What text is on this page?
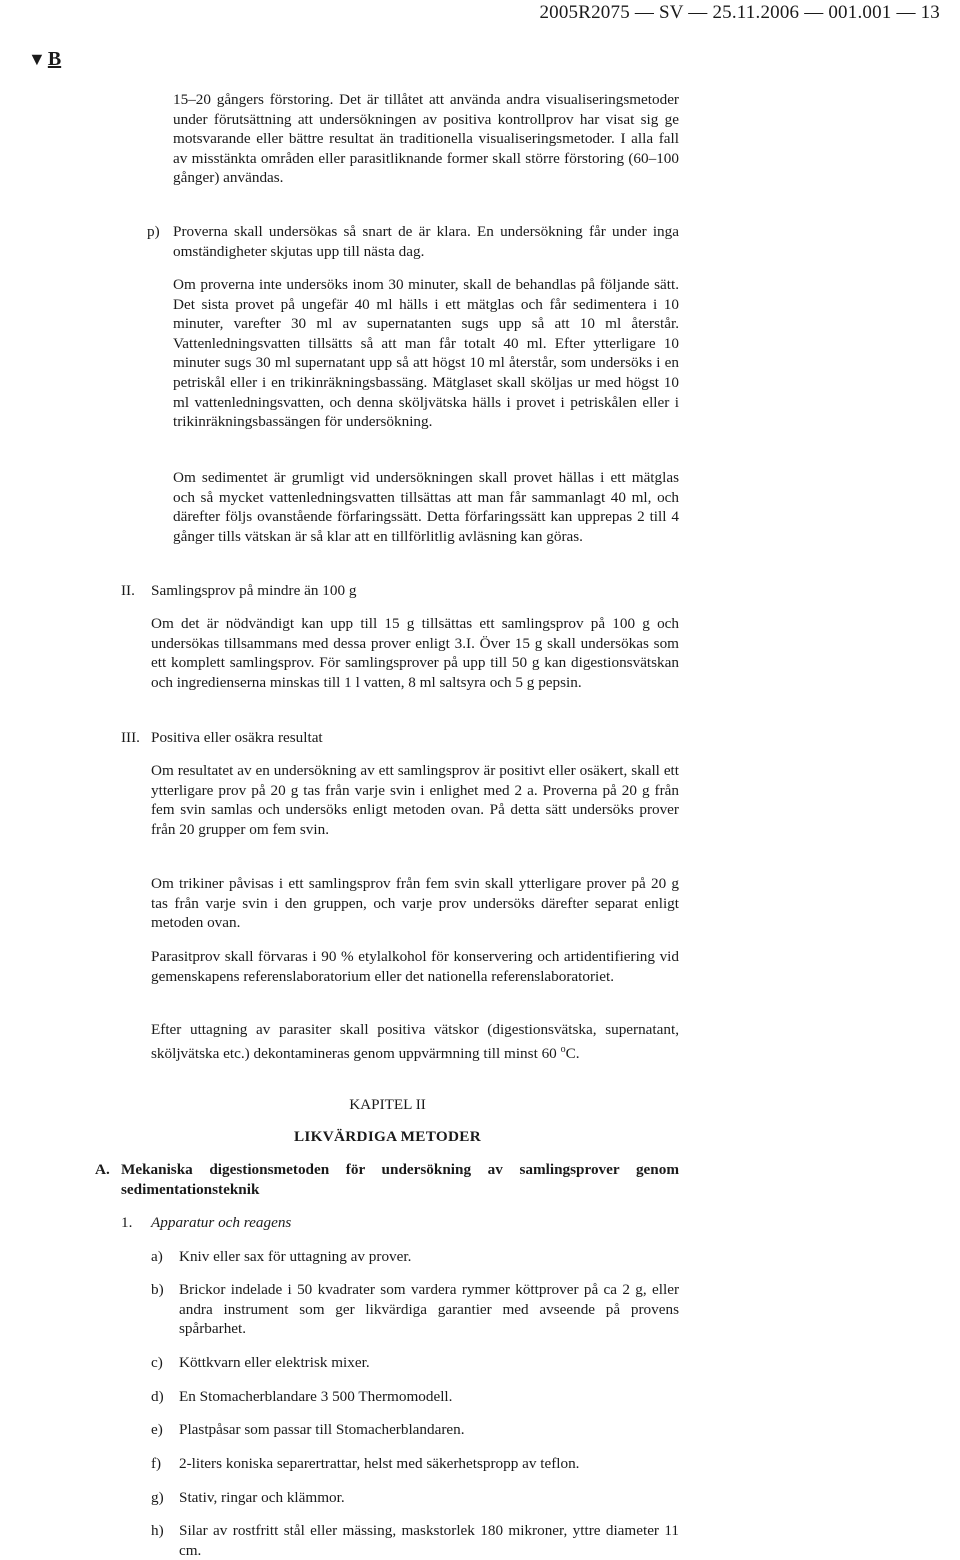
2005R2075 — SV — 25.11.2006 — 001.001 — 13
▼ B
15–20 gångers förstoring. Det är tillåtet att använda andra visualiseringsmetoder under förutsättning att undersökningen av positiva kontrollprov har visat sig ge motsvarande eller bättre resultat än traditionella visualiseringsmetoder. I alla fall av misstänkta områden eller parasitliknande former skall större förstoring (60–100 gånger) användas.
p) Proverna skall undersökas så snart de är klara. En undersökning får under inga omständigheter skjutas upp till nästa dag.
Om proverna inte undersöks inom 30 minuter, skall de behandlas på följande sätt. Det sista provet på ungefär 40 ml hälls i ett mätglas och får sedimentera i 10 minuter, varefter 30 ml av supernatanten sugs upp så att 10 ml återstår. Vattenledningsvatten tillsätts så att man får totalt 40 ml. Efter ytterligare 10 minuter sugs 30 ml supernatant upp så att högst 10 ml återstår, som undersöks i en petriskål eller i en trikinräkningsbassäng. Mätglaset skall sköljas ur med högst 10 ml vattenledningsvatten, och denna sköljvätska hälls i provet i petriskålen eller i trikinräkningsbassängen för undersökning.
Om sedimentet är grumligt vid undersökningen skall provet hällas i ett mätglas och så mycket vattenledningsvatten tillsättas att man får sammanlagt 40 ml, och därefter följs ovanstående förfaringssätt. Detta förfaringssätt kan upprepas 2 till 4 gånger tills vätskan är så klar att en tillförlitlig avläsning kan göras.
II. Samlingsprov på mindre än 100 g
Om det är nödvändigt kan upp till 15 g tillsättas ett samlingsprov på 100 g och undersökas tillsammans med dessa prover enligt 3.I. Över 15 g skall undersökas som ett komplett samlingsprov. För samlingsprover på upp till 50 g kan digestionsvätskan och ingredienserna minskas till 1 l vatten, 8 ml saltsyra och 5 g pepsin.
III. Positiva eller osäkra resultat
Om resultatet av en undersökning av ett samlingsprov är positivt eller osäkert, skall ett ytterligare prov på 20 g tas från varje svin i enlighet med 2 a. Proverna på 20 g från fem svin samlas och undersöks enligt metoden ovan. På detta sätt undersöks prover från 20 grupper om fem svin.
Om trikiner påvisas i ett samlingsprov från fem svin skall ytterligare prover på 20 g tas från varje svin i den gruppen, och varje prov undersöks därefter separat enligt metoden ovan.
Parasitprov skall förvaras i 90 % etylalkohol för konservering och artidentifiering vid gemenskapens referenslaboratorium eller det nationella referenslaboratoriet.
Efter uttagning av parasiter skall positiva vätskor (digestionsvätska, supernatant, sköljvätska etc.) dekontamineras genom uppvärmning till minst 60 $^o$C.
KAPITEL II
LIKVÄRDIGA METODER
A. Mekaniska digestionsmetoden för undersökning av samlingsprover genom sedimentationsteknik
1. Apparatur och reagens
a) Kniv eller sax för uttagning av prover.
b) Brickor indelade i 50 kvadrater som vardera rymmer köttprover på ca 2 g, eller andra instrument som ger likvärdiga garantier med avseende på provens spårbarhet.
c) Köttkvarn eller elektrisk mixer.
d) En Stomacherblandare 3 500 Thermomodell.
e) Plastpåsar som passar till Stomacherblandaren.
f) 2-liters koniska separertrattar, helst med säkerhetspropp av teflon.
g) Stativ, ringar och klämmor.
h) Silar av rostfritt stål eller mässing, maskstorlek 180 mikroner, yttre diameter 11 cm.
